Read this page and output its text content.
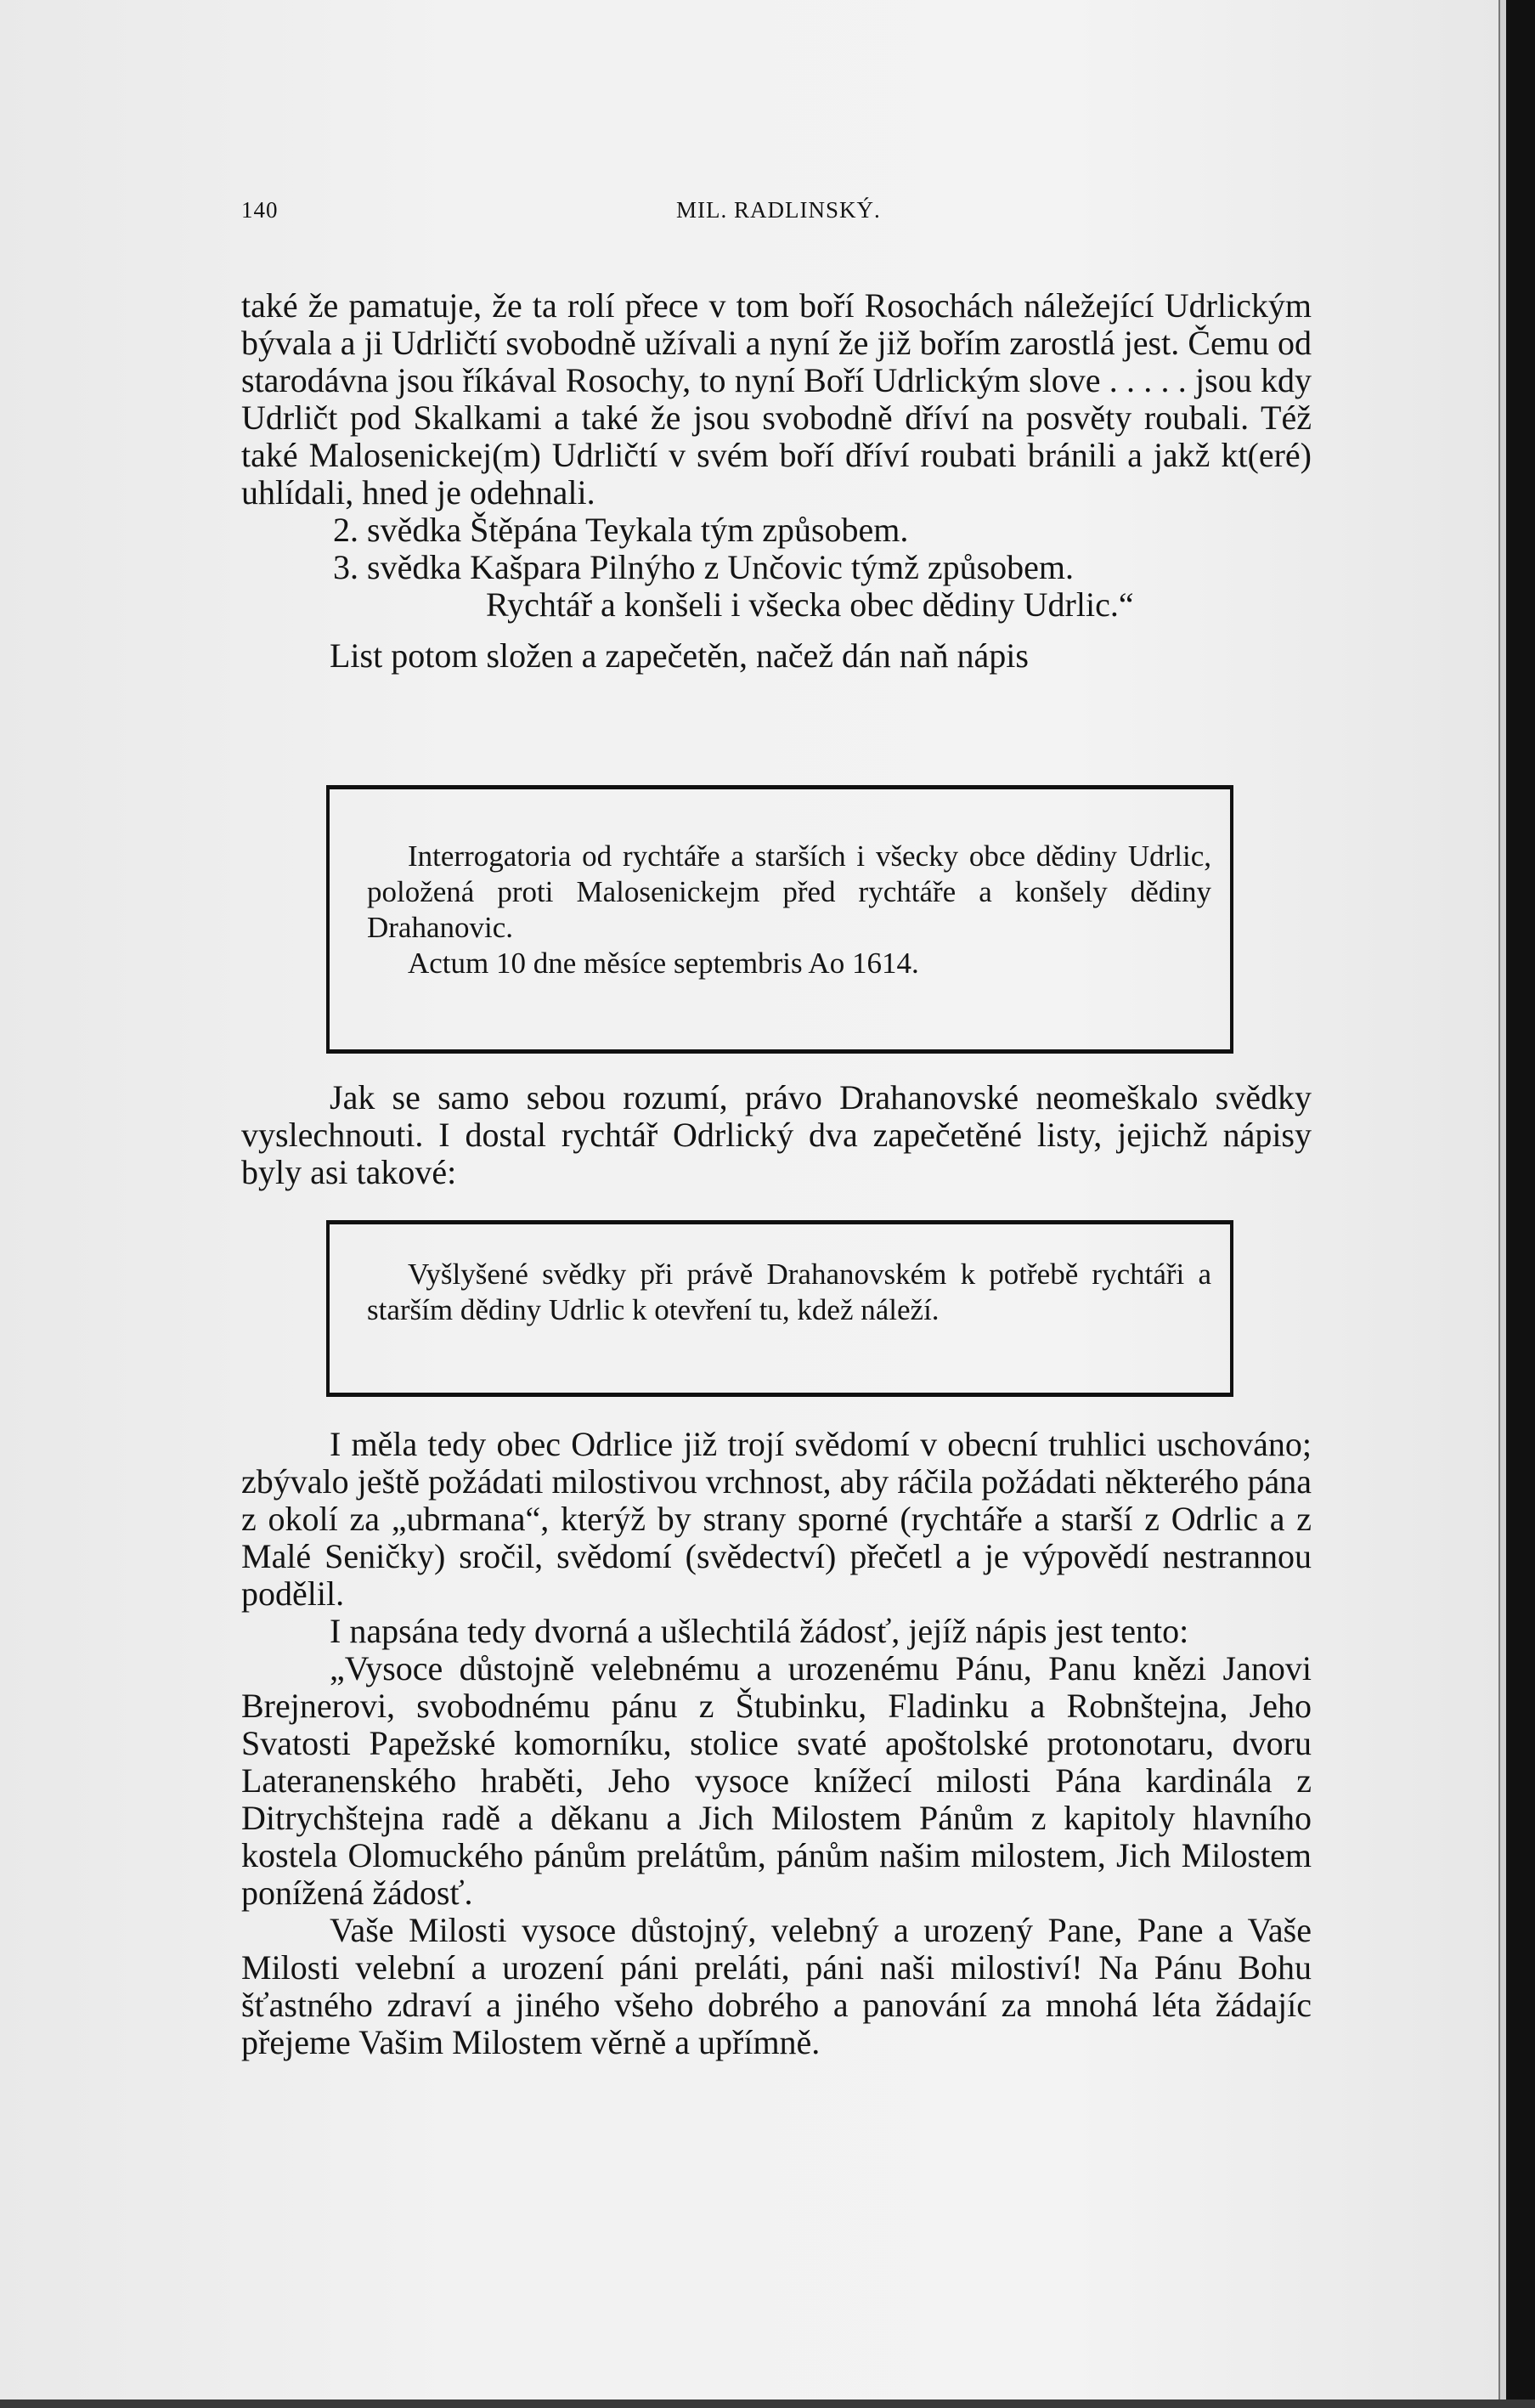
140	MIL. RADLINSKÝ.

také že pamatuje, že ta rolí přece v tom boří Rosochách náležející Udrlickým bývala a ji Udrličtí svobodně užívali a nyní že již bořím zarostlá jest. Čemu od starodávna jsou říkával Rosochy, to nyní Boří Udrlickým slove . . . . . jsou kdy Udrličt pod Skalkami a také že jsou svobodně dříví na posvěty roubali. Též také Malosenickej(m) Udrličtí v svém boří dříví roubati bránili a jakž kt(eré) uhlídali, hned je odehnali.

2. svědka Štěpána Teykala tým způsobem.

3. svědka Kašpara Pilnýho z Unčovic týmž způsobem.

Rychtář a konšeli i všecka obec dědiny Udrlic.“

List potom složen a zapečetěn, načež dán naň nápis

Interrogatoria od rychtáře a starších i všecky obce dědiny Udrlic, položená proti Malosenickejm před rychtáře a konšely dědiny Drahanovic.

Actum 10 dne měsíce septembris Ao 1614.

Jak se samo sebou rozumí, právo Drahanovské neomeškalo svědky vyslechnouti. I dostal rychtář Odrlický dva zapečetěné listy, jejichž nápisy byly asi takové:

Vyšlyšené svědky při právě Drahanovském k potřebě rychtáři a starším dědiny Udrlic k otevření tu, kdež náleží.

I měla tedy obec Odrlice již trojí svědomí v obecní truhlici uschováno; zbývalo ještě požádati milostivou vrchnost, aby ráčila požádati některého pána z okolí za „ubrmana“, kterýž by strany sporné (rychtáře a starší z Odrlic a z Malé Seničky) sročil, svědomí (svědectví) přečetl a je výpovědí nestrannou podělil.

I napsána tedy dvorná a ušlechtilá žádosť, jejíž nápis jest tento:

„Vysoce důstojně velebnému a urozenému Pánu, Panu knězi Janovi Brejnerovi, svobodnému pánu z Štubinku, Fladinku a Robnštejna, Jeho Svatosti Papežské komorníku, stolice svaté apoštolské protonotaru, dvoru Lateranenského hraběti, Jeho vysoce knížecí milosti Pána kardinála z Ditrychštejna radě a děkanu a Jich Milostem Pánům z kapitoly hlavního kostela Olomuckého pánům prelátům, pánům našim milostem, Jich Milostem ponížená žádosť.

Vaše Milosti vysoce důstojný, velebný a urozený Pane, Pane a Vaše Milosti velební a urození páni preláti, páni naši milostiví! Na Pánu Bohu šťastného zdraví a jiného všeho dobrého a panování za mnohá léta žádajíc přejeme Vašim Milostem věrně a upřímně.
